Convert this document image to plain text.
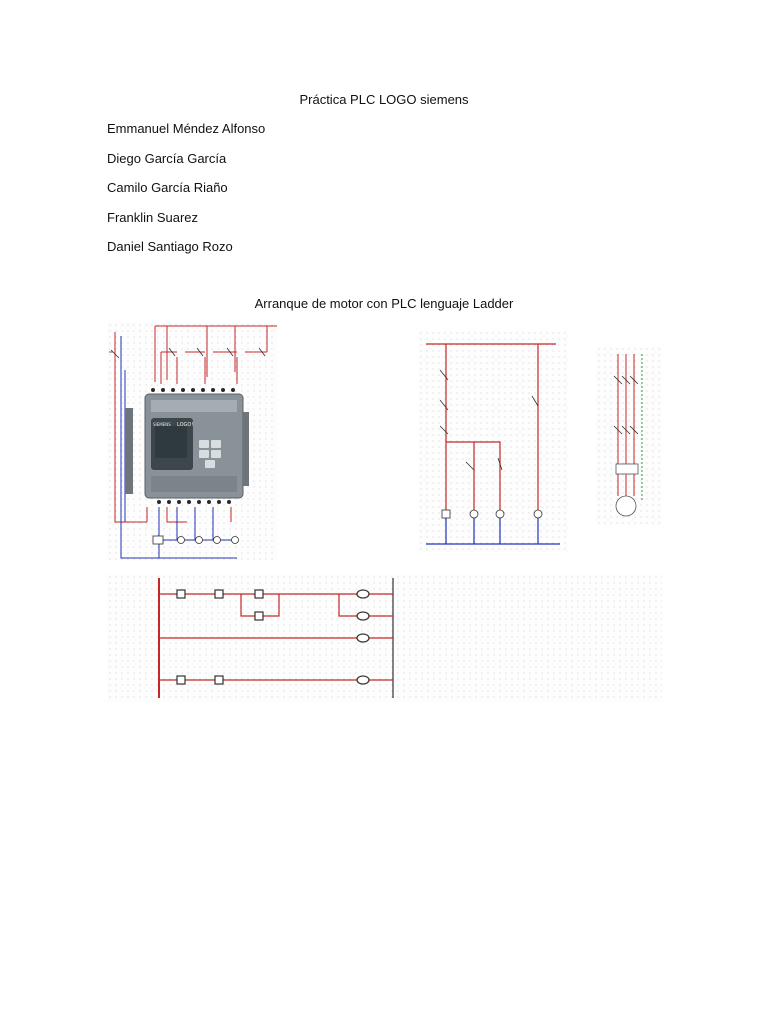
Práctica PLC LOGO siemens
Emmanuel Méndez Alfonso
Diego García García
Camilo García Riaño
Franklin Suarez
Daniel Santiago Rozo
Arranque de motor con PLC lenguaje Ladder
SIEMENS LOGO!
